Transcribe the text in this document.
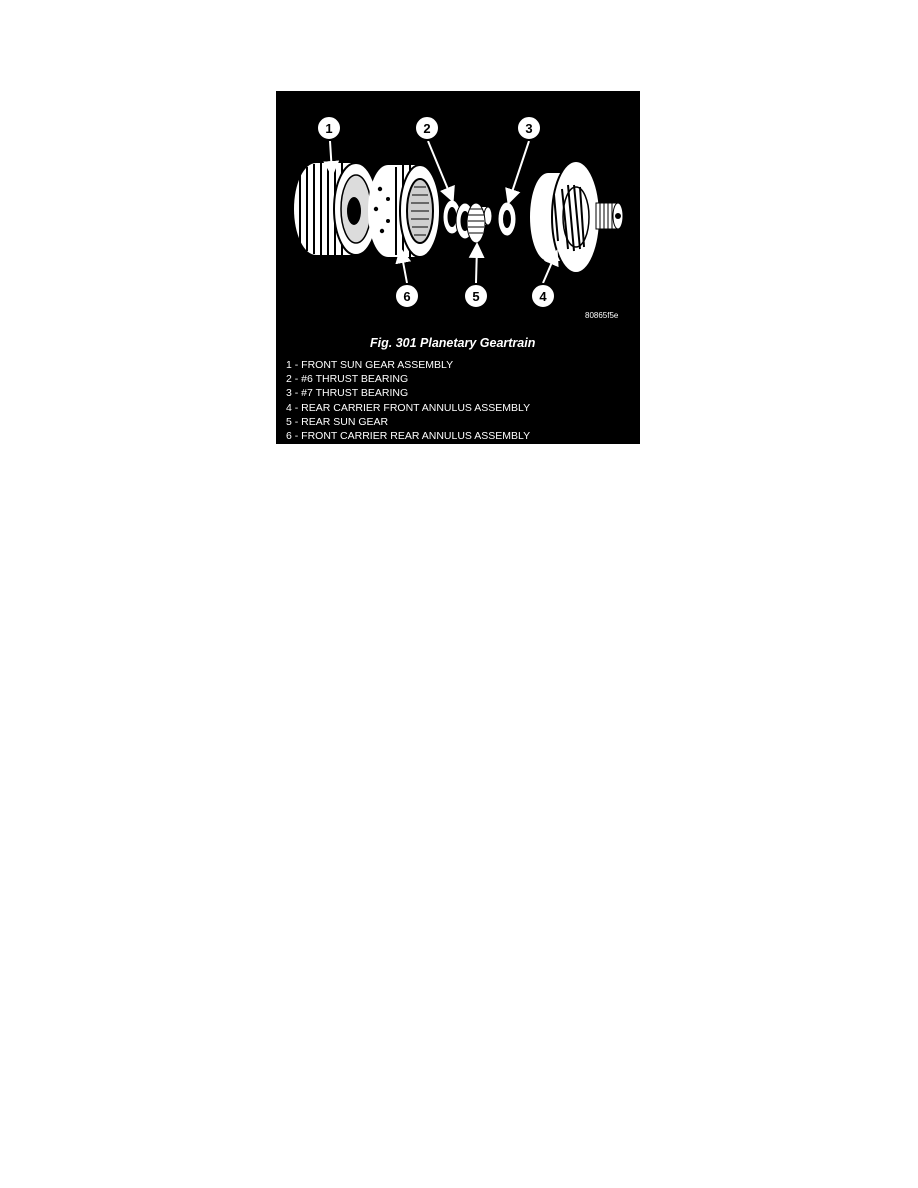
1	2	3
6	5	4
80865f5e
Fig. 301 Planetary Geartrain
1 - FRONT SUN GEAR ASSEMBLY
2 - #6 THRUST BEARING
3 - #7 THRUST BEARING
4 - REAR CARRIER FRONT ANNULUS ASSEMBLY
5 - REAR SUN GEAR
6 - FRONT CARRIER REAR ANNULUS ASSEMBLY
